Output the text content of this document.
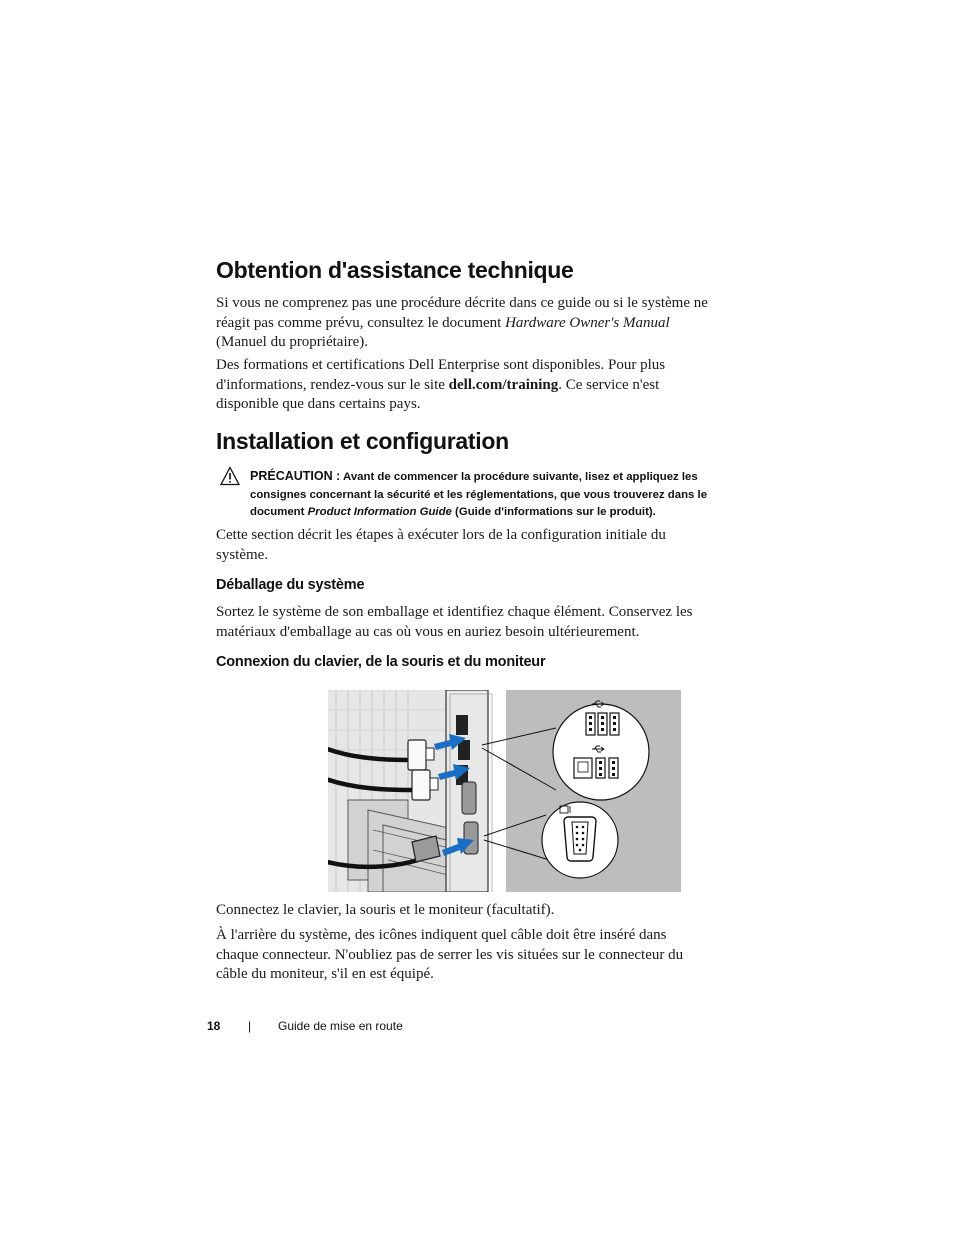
Obtention d'assistance technique

Si vous ne comprenez pas une procédure décrite dans ce guide ou si le système ne réagit pas comme prévu, consultez le document Hardware Owner's Manual (Manuel du propriétaire).

Des formations et certifications Dell Enterprise sont disponibles. Pour plus d'informations, rendez-vous sur le site dell.com/training. Ce service n'est disponible que dans certains pays.

Installation et configuration
PRÉCAUTION : Avant de commencer la procédure suivante, lisez et appliquez les consignes concernant la sécurité et les réglementations, que vous trouverez dans le document Product Information Guide (Guide d'informations sur le produit).

Cette section décrit les étapes à exécuter lors de la configuration initiale du système.

Déballage du système

Sortez le système de son emballage et identifiez chaque élément. Conservez les matériaux d'emballage au cas où vous en auriez besoin ultérieurement.

Connexion du clavier, de la souris et du moniteur

Connectez le clavier, la souris et le moniteur (facultatif).

À l'arrière du système, des icônes indiquent quel câble doit être inséré dans chaque connecteur. N'oubliez pas de serrer les vis situées sur le connecteur du câble du moniteur, s'il en est équipé.

18 | Guide de mise en route
